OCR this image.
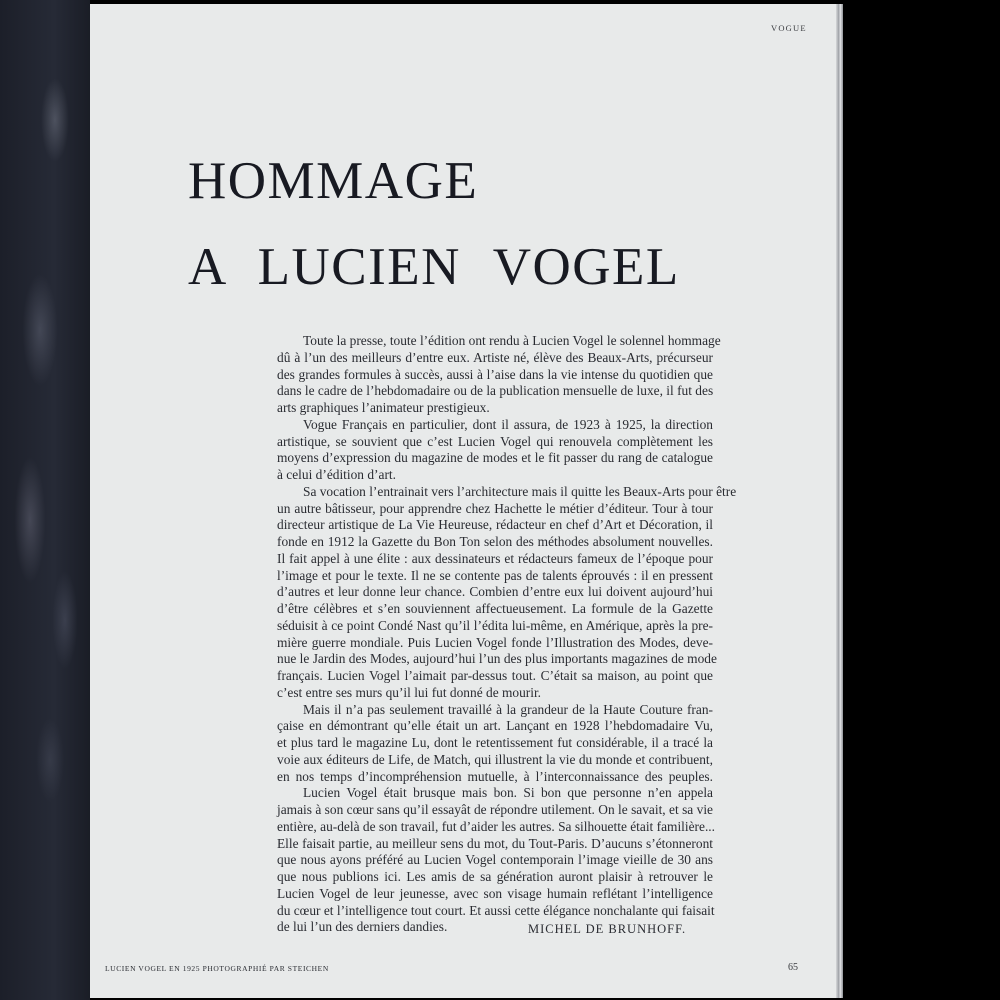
VOGUE
HOMMAGE
A LUCIEN VOGEL
Toute la presse, toute l’édition ont rendu à Lucien Vogel le solennel hommage
dû à l’un des meilleurs d’entre eux. Artiste né, élève des Beaux-Arts, précurseur
des grandes formules à succès, aussi à l’aise dans la vie intense du quotidien que
dans le cadre de l’hebdomadaire ou de la publication mensuelle de luxe, il fut des
arts graphiques l’animateur prestigieux.
Vogue Français en particulier, dont il assura, de 1923 à 1925, la direction
artistique, se souvient que c’est Lucien Vogel qui renouvela complètement les
moyens d’expression du magazine de modes et le fit passer du rang de catalogue
à celui d’édition d’art.
Sa vocation l’entrainait vers l’architecture mais il quitte les Beaux-Arts pour être
un autre bâtisseur, pour apprendre chez Hachette le métier d’éditeur. Tour à tour
directeur artistique de La Vie Heureuse, rédacteur en chef d’Art et Décoration, il
fonde en 1912 la Gazette du Bon Ton selon des méthodes absolument nouvelles.
Il fait appel à une élite : aux dessinateurs et rédacteurs fameux de l’époque pour
l’image et pour le texte. Il ne se contente pas de talents éprouvés : il en pressent
d’autres et leur donne leur chance. Combien d’entre eux lui doivent aujourd’hui
d’être célèbres et s’en souviennent affectueusement. La formule de la Gazette
séduisit à ce point Condé Nast qu’il l’édita lui-même, en Amérique, après la pre-
mière guerre mondiale. Puis Lucien Vogel fonde l’Illustration des Modes, deve-
nue le Jardin des Modes, aujourd’hui l’un des plus importants magazines de mode
français. Lucien Vogel l’aimait par-dessus tout. C’était sa maison, au point que
c’est entre ses murs qu’il lui fut donné de mourir.
Mais il n’a pas seulement travaillé à la grandeur de la Haute Couture fran-
çaise en démontrant qu’elle était un art. Lançant en 1928 l’hebdomadaire Vu,
et plus tard le magazine Lu, dont le retentissement fut considérable, il a tracé la
voie aux éditeurs de Life, de Match, qui illustrent la vie du monde et contribuent,
en nos temps d’incompréhension mutuelle, à l’interconnaissance des peuples.
Lucien Vogel était brusque mais bon. Si bon que personne n’en appela
jamais à son cœur sans qu’il essayât de répondre utilement. On le savait, et sa vie
entière, au-delà de son travail, fut d’aider les autres. Sa silhouette était familière...
Elle faisait partie, au meilleur sens du mot, du Tout-Paris. D’aucuns s’étonneront
que nous ayons préféré au Lucien Vogel contemporain l’image vieille de 30 ans
que nous publions ici. Les amis de sa génération auront plaisir à retrouver le
Lucien Vogel de leur jeunesse, avec son visage humain reflétant l’intelligence
du cœur et l’intelligence tout court. Et aussi cette élégance nonchalante qui faisait
de lui l’un des derniers dandies.	MICHEL DE BRUNHOFF.
LUCIEN VOGEL EN 1925 PHOTOGRAPHIÉ PAR STEICHEN	65
